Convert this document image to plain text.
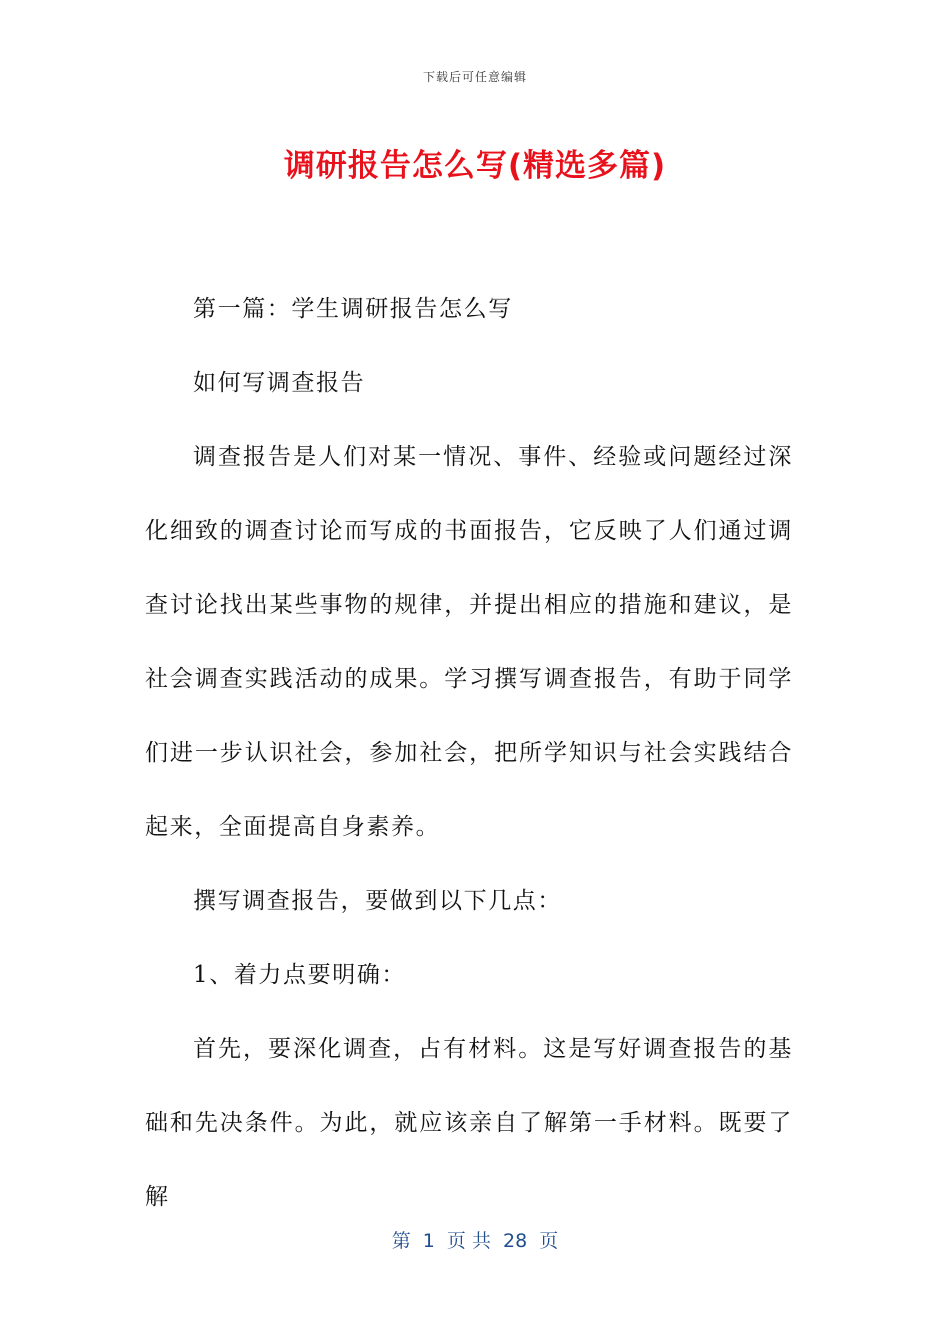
下载后可任意编辑
调研报告怎么写(精选多篇)

第一篇：学生调研报告怎么写

如何写调查报告

调查报告是人们对某一情况、事件、经验或问题经过深化细致的调查讨论而写成的书面报告，它反映了人们通过调查讨论找出某些事物的规律，并提出相应的措施和建议，是社会调查实践活动的成果。学习撰写调查报告，有助于同学们进一步认识社会，参加社会，把所学知识与社会实践结合起来，全面提高自身素养。

撰写调查报告，要做到以下几点：

1、着力点要明确：

首先，要深化调查，占有材料。这是写好调查报告的基础和先决条件。为此，就应该亲自了解第一手材料。既要了解

第  1  页 共  28  页
